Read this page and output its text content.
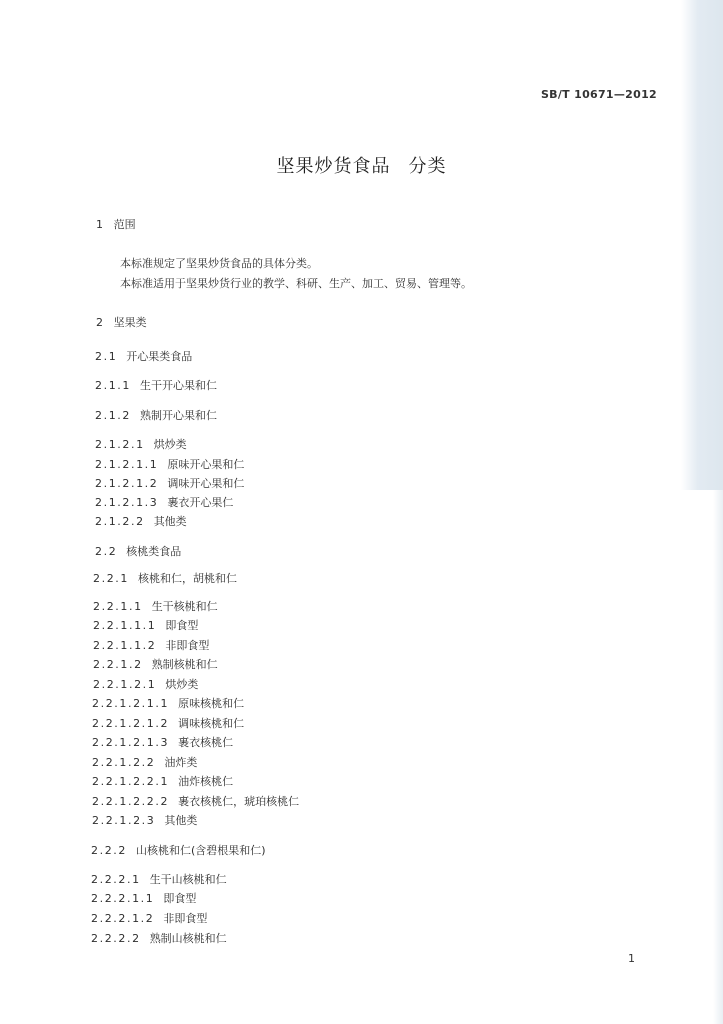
SB/T 10671—2012
坚果炒货食品 分类
1 范围
本标准规定了坚果炒货食品的具体分类。
本标准适用于坚果炒货行业的教学、科研、生产、加工、贸易、管理等。
2 坚果类
2.1 开心果类食品
2.1.1 生干开心果和仁
2.1.2 熟制开心果和仁
2.1.2.1 烘炒类
2.1.2.1.1 原味开心果和仁
2.1.2.1.2 调味开心果和仁
2.1.2.1.3 裹衣开心果仁
2.1.2.2 其他类
2.2 核桃类食品
2.2.1 核桃和仁，胡桃和仁
2.2.1.1 生干核桃和仁
2.2.1.1.1 即食型
2.2.1.1.2 非即食型
2.2.1.2 熟制核桃和仁
2.2.1.2.1 烘炒类
2.2.1.2.1.1 原味核桃和仁
2.2.1.2.1.2 调味核桃和仁
2.2.1.2.1.3 裹衣核桃仁
2.2.1.2.2 油炸类
2.2.1.2.2.1 油炸核桃仁
2.2.1.2.2.2 裹衣核桃仁，琥珀核桃仁
2.2.1.2.3 其他类
2.2.2 山核桃和仁(含碧根果和仁)
2.2.2.1 生干山核桃和仁
2.2.2.1.1 即食型
2.2.2.1.2 非即食型
2.2.2.2 熟制山核桃和仁
1
